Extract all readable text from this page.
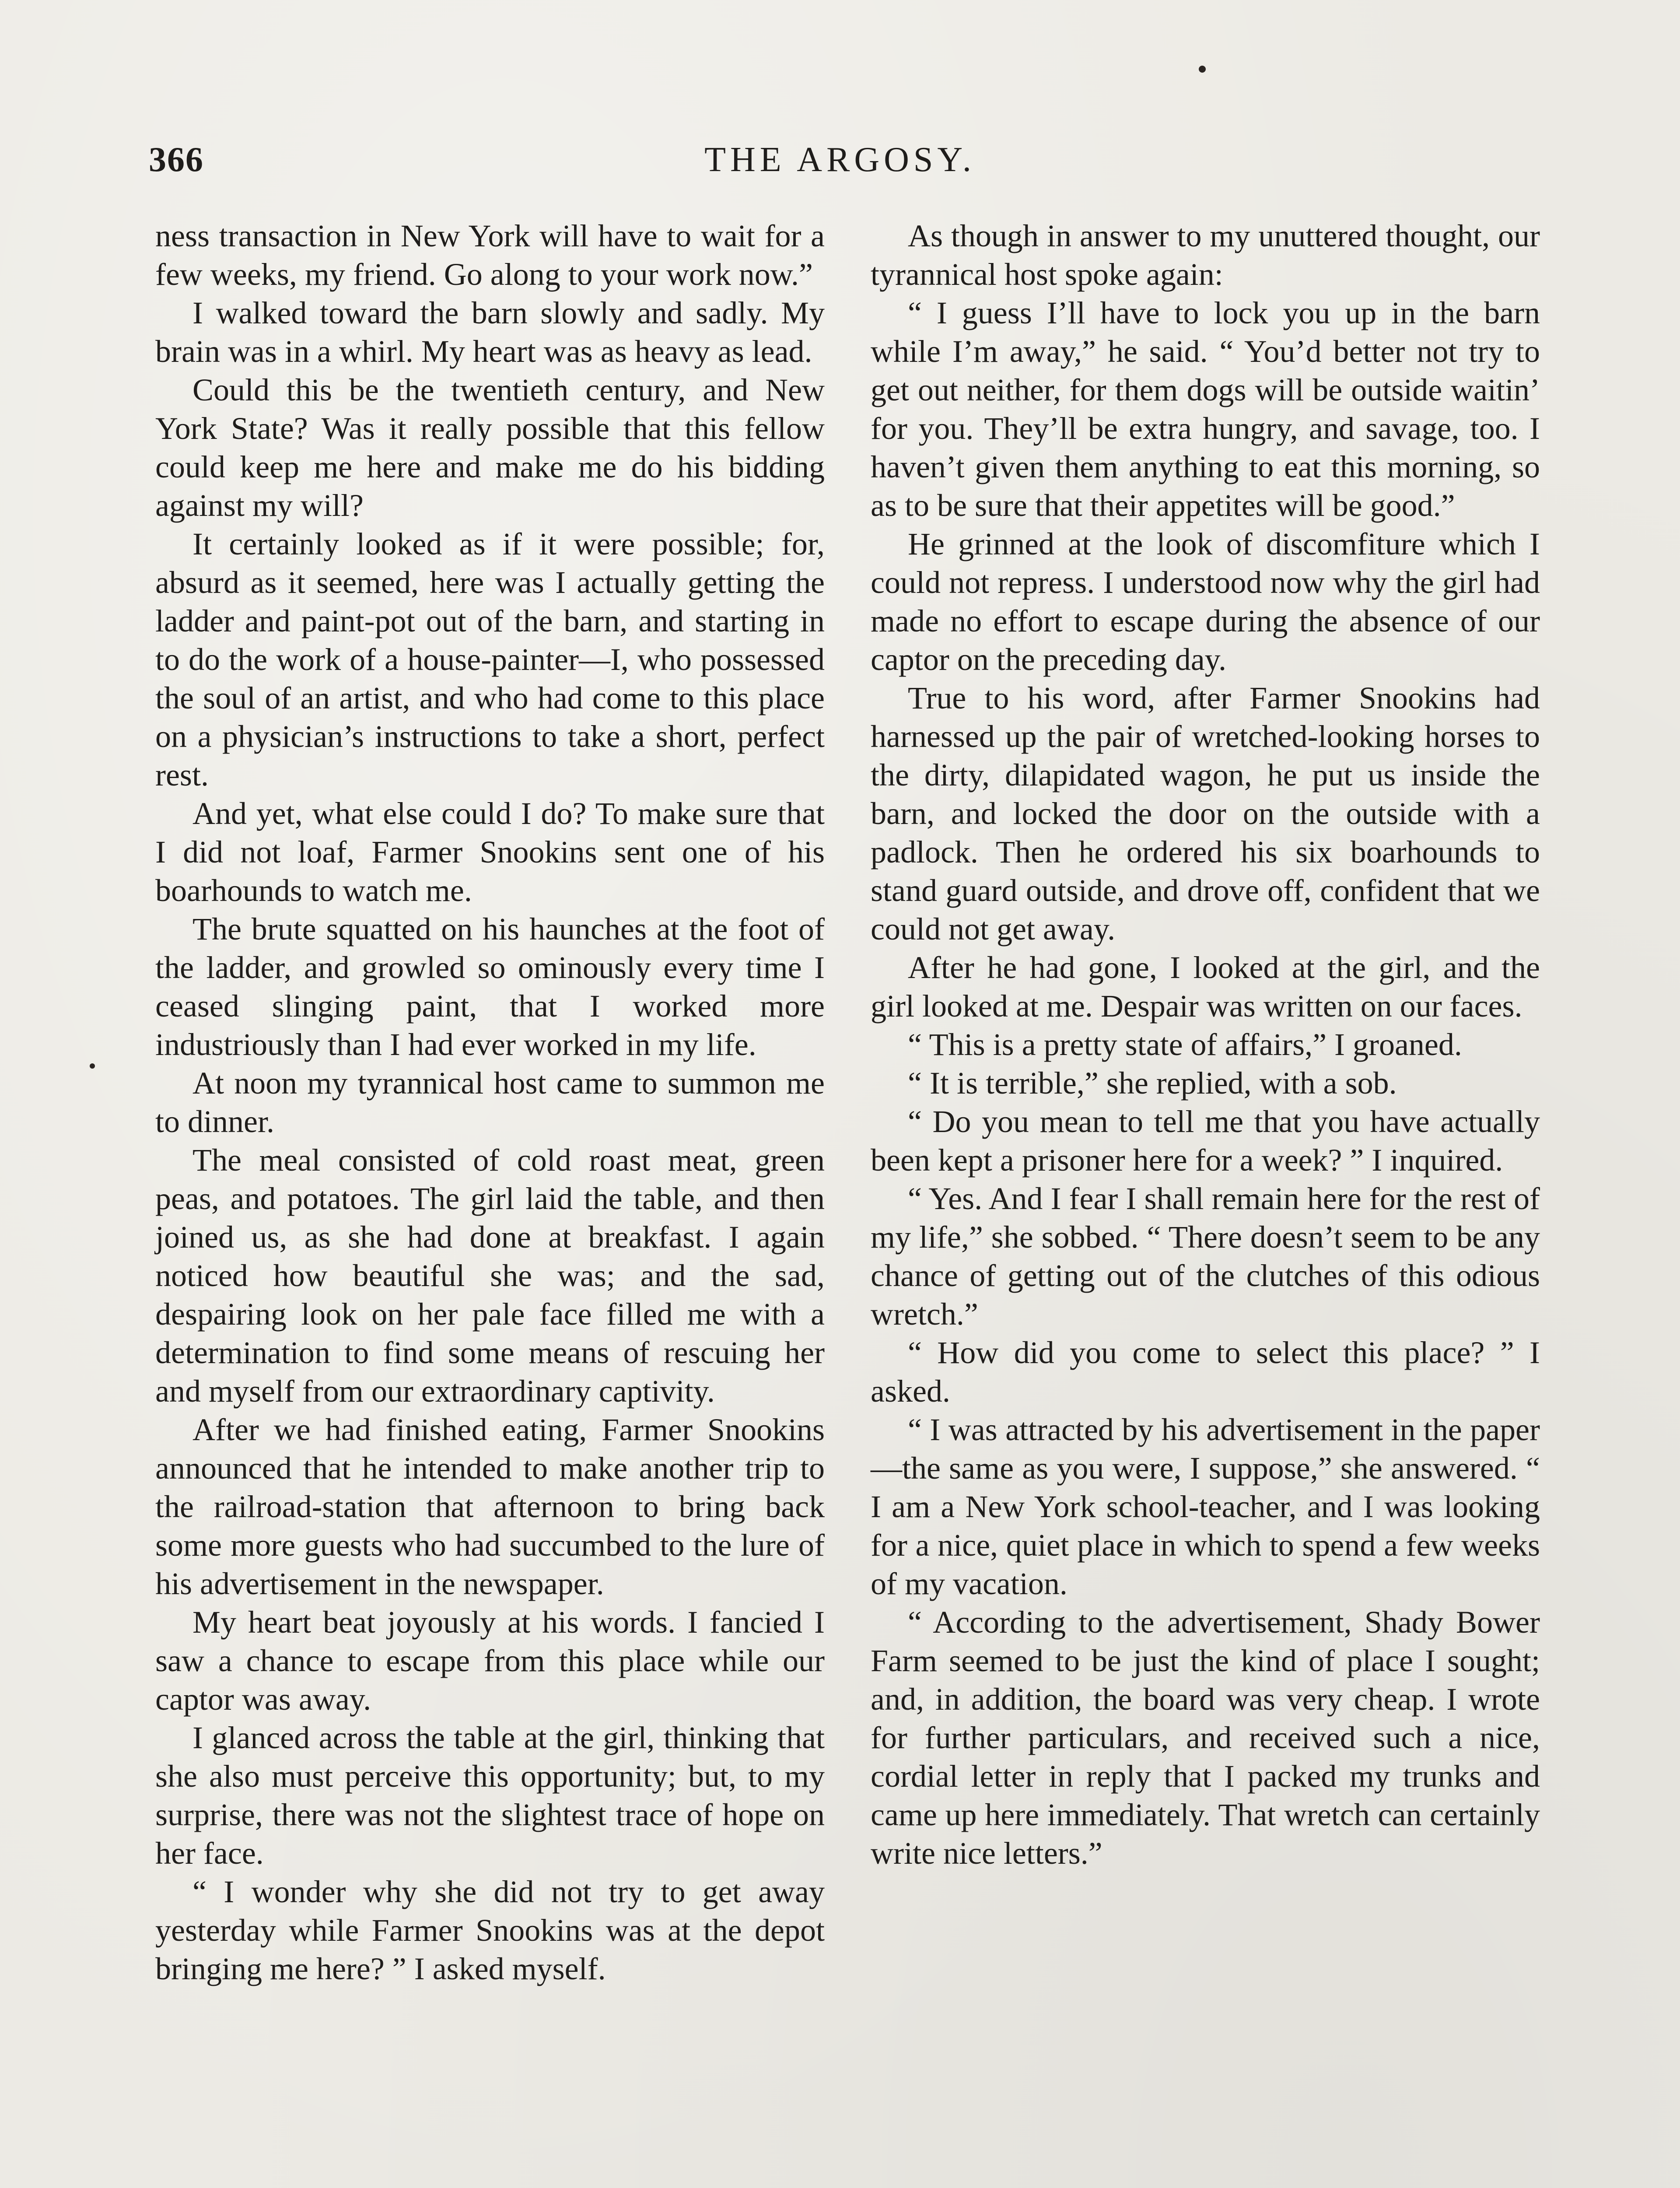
366	THE ARGOSY.

ness transaction in New York will have to wait for a few weeks, my friend. Go along to your work now.”

I walked toward the barn slowly and sadly. My brain was in a whirl. My heart was as heavy as lead.

Could this be the twentieth century, and New York State? Was it really possible that this fellow could keep me here and make me do his bidding against my will?

It certainly looked as if it were possible; for, absurd as it seemed, here was I actually getting the ladder and paint-pot out of the barn, and starting in to do the work of a house-painter—I, who possessed the soul of an artist, and who had come to this place on a physician’s instructions to take a short, perfect rest.

And yet, what else could I do? To make sure that I did not loaf, Farmer Snookins sent one of his boarhounds to watch me.

The brute squatted on his haunches at the foot of the ladder, and growled so ominously every time I ceased slinging paint, that I worked more industriously than I had ever worked in my life.

At noon my tyrannical host came to summon me to dinner.

The meal consisted of cold roast meat, green peas, and potatoes. The girl laid the table, and then joined us, as she had done at breakfast. I again noticed how beautiful she was; and the sad, despairing look on her pale face filled me with a determination to find some means of rescuing her and myself from our extraordinary captivity.

After we had finished eating, Farmer Snookins announced that he intended to make another trip to the railroad-station that afternoon to bring back some more guests who had succumbed to the lure of his advertisement in the newspaper.

My heart beat joyously at his words. I fancied I saw a chance to escape from this place while our captor was away.

I glanced across the table at the girl, thinking that she also must perceive this opportunity; but, to my surprise, there was not the slightest trace of hope on her face.

“ I wonder why she did not try to get away yesterday while Farmer Snookins was at the depot bringing me here? ” I asked myself.

As though in answer to my unuttered thought, our tyrannical host spoke again:

“ I guess I’ll have to lock you up in the barn while I’m away,” he said. “ You’d better not try to get out neither, for them dogs will be outside waitin’ for you. They’ll be extra hungry, and savage, too. I haven’t given them anything to eat this morning, so as to be sure that their appetites will be good.”

He grinned at the look of discomfiture which I could not repress. I understood now why the girl had made no effort to escape during the absence of our captor on the preceding day.

True to his word, after Farmer Snookins had harnessed up the pair of wretched-looking horses to the dirty, dilapidated wagon, he put us inside the barn, and locked the door on the outside with a padlock. Then he ordered his six boarhounds to stand guard outside, and drove off, confident that we could not get away.

After he had gone, I looked at the girl, and the girl looked at me. Despair was written on our faces.

“ This is a pretty state of affairs,” I groaned.

“ It is terrible,” she replied, with a sob.

“ Do you mean to tell me that you have actually been kept a prisoner here for a week? ” I inquired.

“ Yes. And I fear I shall remain here for the rest of my life,” she sobbed. “ There doesn’t seem to be any chance of getting out of the clutches of this odious wretch.”

“ How did you come to select this place? ” I asked.

“ I was attracted by his advertisement in the paper—the same as you were, I suppose,” she answered. “ I am a New York school-teacher, and I was looking for a nice, quiet place in which to spend a few weeks of my vacation.

“ According to the advertisement, Shady Bower Farm seemed to be just the kind of place I sought; and, in addition, the board was very cheap. I wrote for further particulars, and received such a nice, cordial letter in reply that I packed my trunks and came up here immediately. That wretch can certainly write nice letters.”
